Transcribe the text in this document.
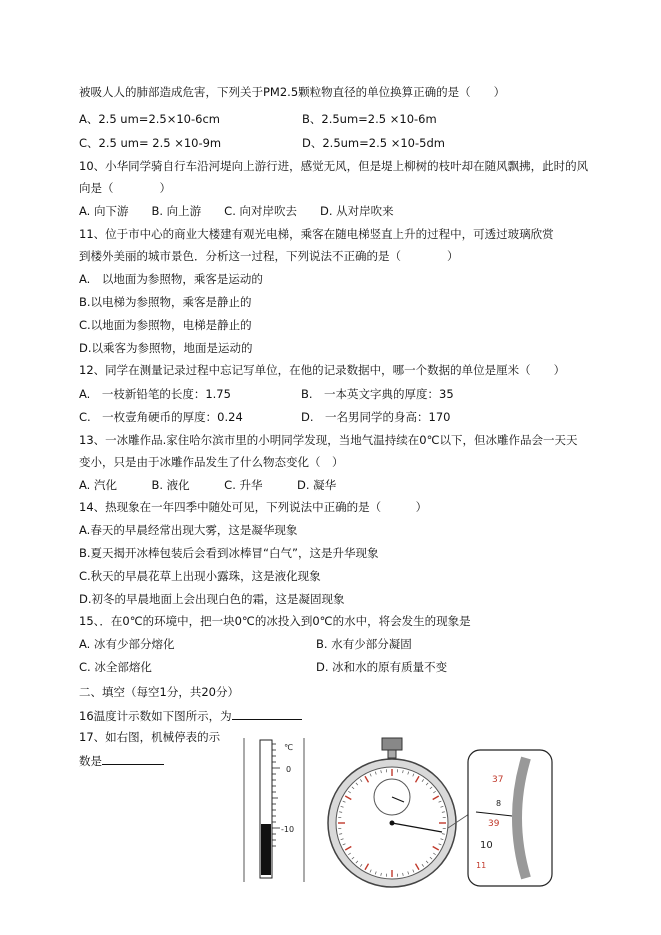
被吸人人的肺部造成危害，下列关于PM2.5颗粒物直径的单位换算正确的是（　　）
A、2.5 um=2.5×10-6cm	B、2.5um=2.5 ×10-6m
C、2.5 um= 2.5 ×10-9m	D、2.5um=2.5 ×10-5dm
10、小华同学骑自行车沿河堤向上游行进，感觉无风，但是堤上柳树的枝叶却在随风飘拂，此时的风
向是（　　　　）
A. 向下游　　B. 向上游　　C. 向对岸吹去　　D. 从对岸吹来
11、位于市中心的商业大楼建有观光电梯，乘客在随电梯竖直上升的过程中，可透过玻璃欣赏
到楼外美丽的城市景色．分析这一过程，下列说法不正确的是（　　　　）
A.　以地面为参照物，乘客是运动的
B.以电梯为参照物，乘客是静止的
C.以地面为参照物，电梯是静止的
D.以乘客为参照物，地面是运动的
12、同学在测量记录过程中忘记写单位，在他的记录数据中，哪一个数据的单位是厘米（　　）
A.　一枝新铅笔的长度：1.75	B.　一本英文字典的厚度：35
C.　一枚壹角硬币的厚度：0.24	D.　一名男同学的身高：170
13、一冰雕作品.家住哈尔滨市里的小明同学发现，当地气温持续在0℃以下，但冰雕作品会一天天
变小，只是由于冰雕作品发生了什么物态变化（　）
A. 汽化　　　B. 液化　　　C. 升华　　　D. 凝华
14、热现象在一年四季中随处可见，下列说法中正确的是（　　　）
A.春天的早晨经常出现大雾，这是凝华现象
B.夏天揭开冰棒包装后会看到冰棒冒“白气”，这是升华现象
C.秋天的早晨花草上出现小露珠，这是液化现象
D.初冬的早晨地面上会出现白色的霜，这是凝固现象
15、．在0℃的环境中，把一块0℃的冰投入到0℃的水中，将会发生的现象是
A. 冰有少部分熔化	B. 水有少部分凝固
C. 冰全部熔化	D. 冰和水的原有质量不变
二、填空（每空1分，共20分）
16温度计示数如下图所示，为
17、如右图，机械停表的示
数是
℃
0
-10
37
8
39
10
11
